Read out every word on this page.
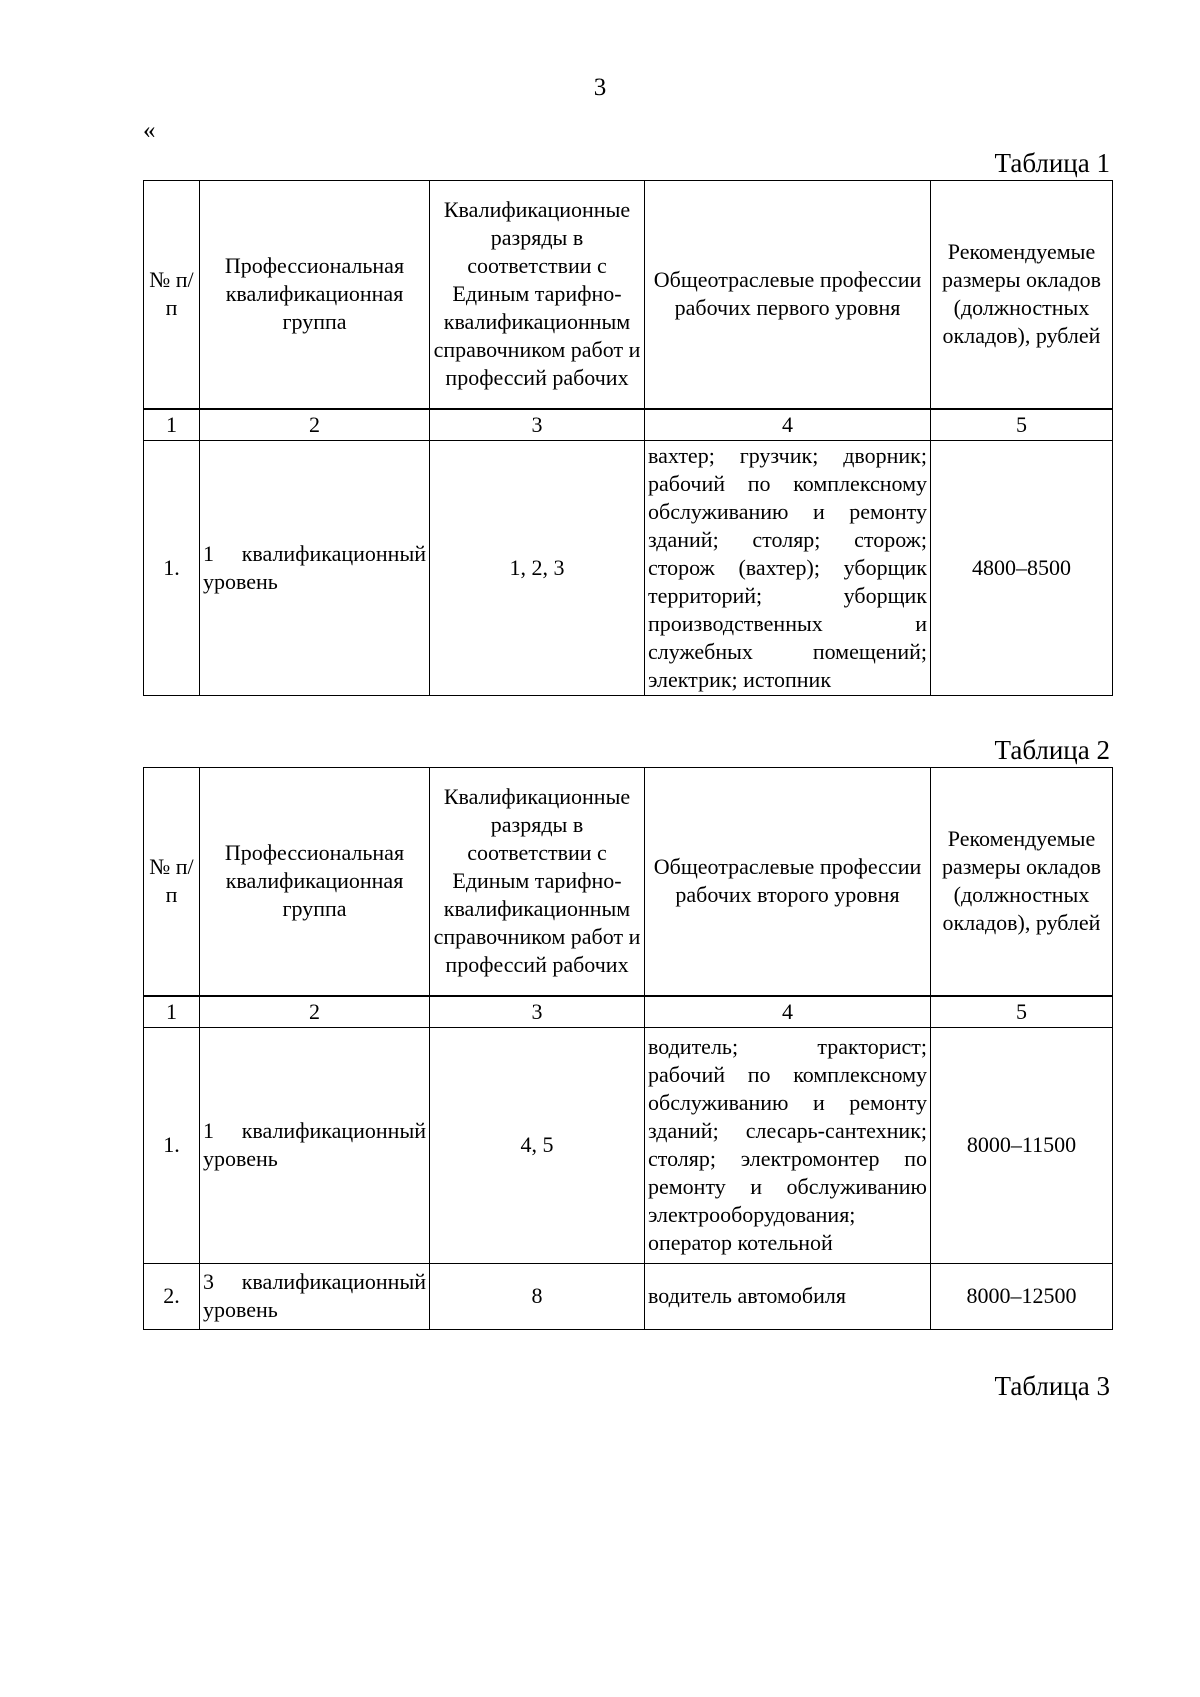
3
«
Таблица 1
№ п/п	Профессиональная квалификационная группа	Квалификационные разряды в соответствии с Единым тарифно-квалификационным справочником работ и профессий рабочих	Общеотраслевые профессии рабочих первого уровня	Рекомендуемые размеры окладов (должностных окладов), рублей
1	2	3	4	5
1.	1 квалификационный уровень	1, 2, 3	вахтер; грузчик; дворник; рабочий по комплексному обслуживанию и ремонту зданий; столяр; сторож; сторож (вахтер); уборщик территорий; уборщик производственных и служебных помещений; электрик; истопник	4800–8500
Таблица 2
№ п/п	Профессиональная квалификационная группа	Квалификационные разряды в соответствии с Единым тарифно-квалификационным справочником работ и профессий рабочих	Общеотраслевые профессии рабочих второго уровня	Рекомендуемые размеры окладов (должностных окладов), рублей
1	2	3	4	5
1.	1 квалификационный уровень	4, 5	водитель; тракторист; рабочий по комплексному обслуживанию и ремонту зданий; слесарь-сантехник; столяр; электромонтер по ремонту и обслуживанию электрооборудования; оператор котельной	8000–11500
2.	3 квалификационный уровень	8	водитель автомобиля	8000–12500
Таблица 3
